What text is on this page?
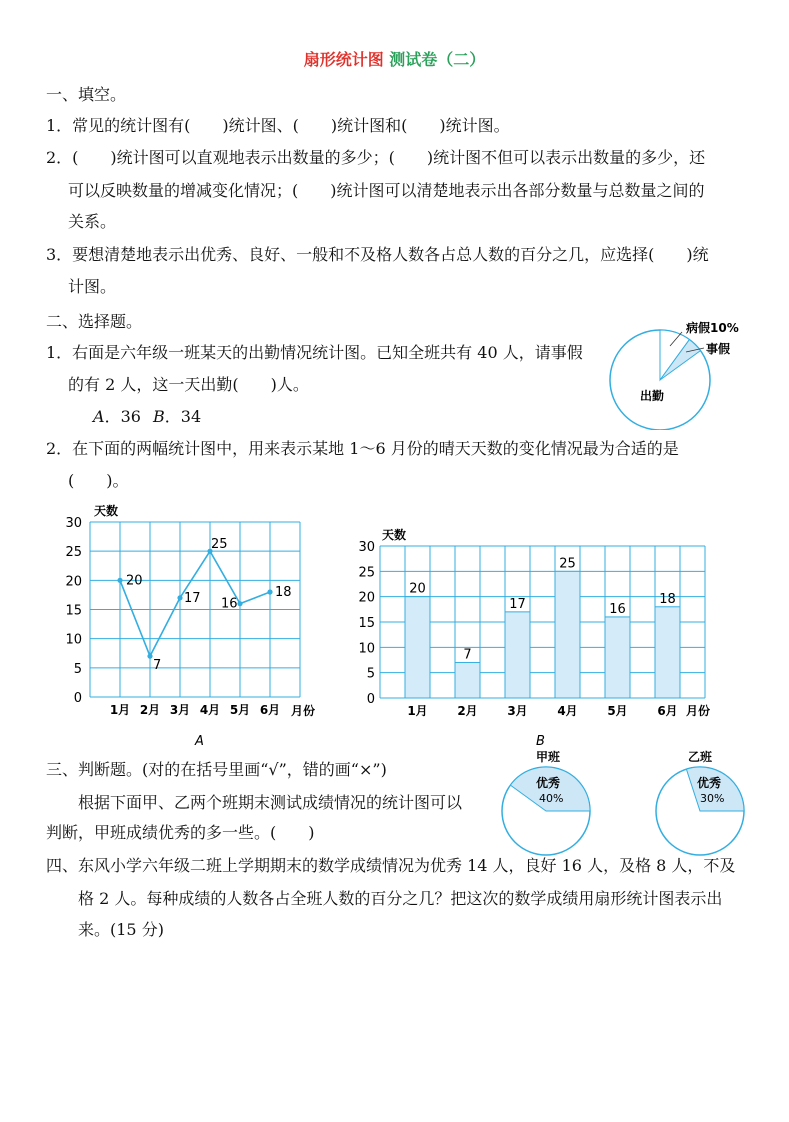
扇形统计图 测试卷（二）
一、填空。
1．常见的统计图有(　　)统计图、(　　)统计图和(　　)统计图。
2．(　　)统计图可以直观地表示出数量的多少；(　　)统计图不但可以表示出数量的多少，还
可以反映数量的增减变化情况；(　　)统计图可以清楚地表示出各部分数量与总数量之间的
关系。
3．要想清楚地表示出优秀、良好、一般和不及格人数各占总人数的百分之几，应选择(　　)统
计图。
二、选择题。
1．右面是六年级一班某天的出勤情况统计图。已知全班共有 40 人，请事假
的有 2 人，这一天出勤(　　)人。
A．36 B．34
2．在下面的两幅统计图中，用来表示某地 1～6 月份的晴天天数的变化情况最为合适的是
(　　)。
病假10%
事假
出勤
天数
0
5
10
15
20
25
30
1月 2月 3月 4月 5月 6月 月份
20
7
17
25
16
18
A
天数
0
5
10
15
20
25
30
1月 2月 3月 4月 5月 6月 月份
20
7
17
25
16
18
B
三、判断题。(对的在括号里画“√”，错的画“×”)
根据下面甲、乙两个班期末测试成绩情况的统计图可以
判断，甲班成绩优秀的多一些。(　　)
甲班
优秀
40%
乙班
优秀
30%
四、东风小学六年级二班上学期期末的数学成绩情况为优秀 14 人，良好 16 人，及格 8 人，不及
格 2 人。每种成绩的人数各占全班人数的百分之几？把这次的数学成绩用扇形统计图表示出
来。(15 分)
